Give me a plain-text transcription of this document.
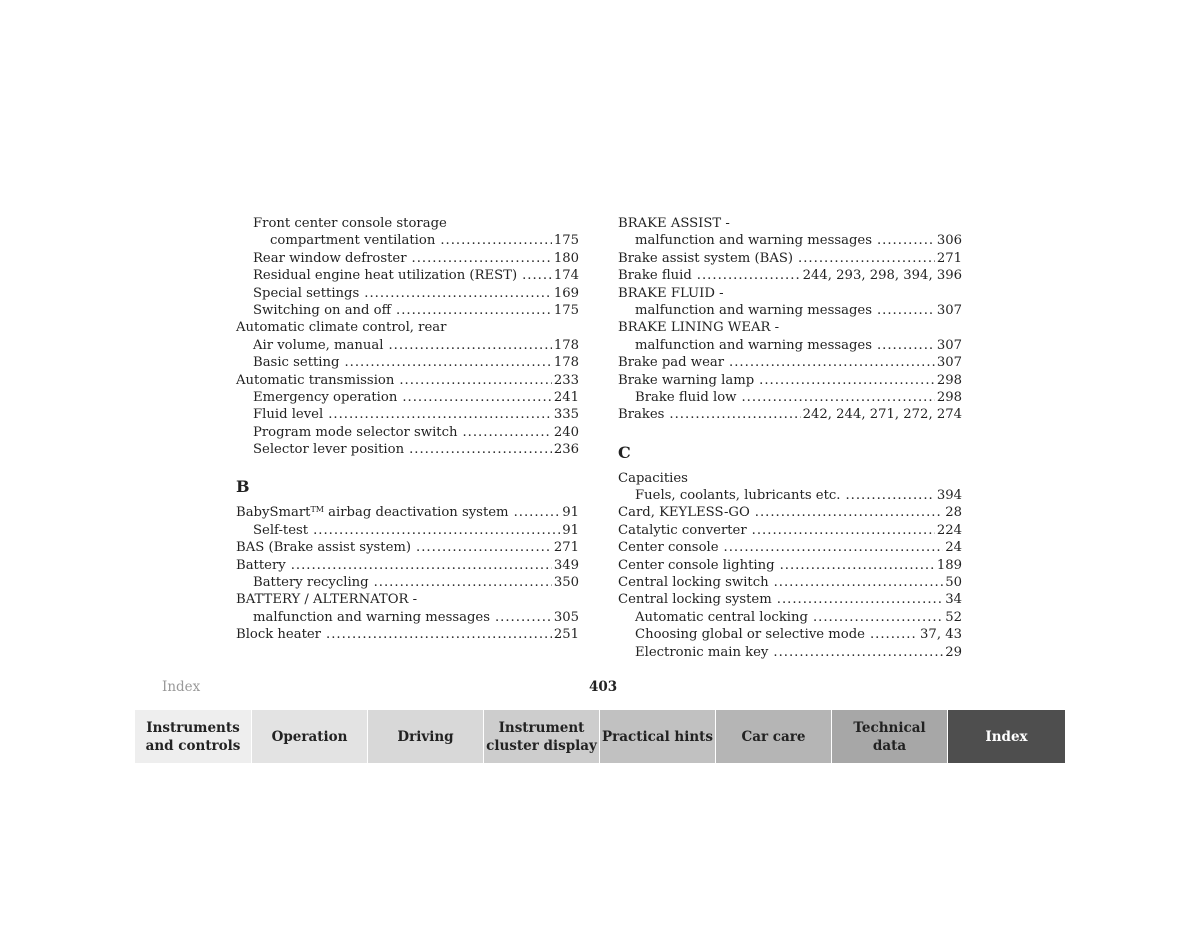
Front center console storage
compartment ventilation .....	175
Rear window defroster .....	180
Residual engine heat utilization (REST) .....	174
Special settings .....	169
Switching on and off .....	175
Automatic climate control, rear
Air volume, manual .....	178
Basic setting .....	178
Automatic transmission .....	233
Emergency operation .....	241
Fluid level .....	335
Program mode selector switch .....	240
Selector lever position .....	236
B
BabySmart™ airbag deactivation system .....	91
Self-test .....	91
BAS (Brake assist system) .....	271
Battery .....	349
Battery recycling .....	350
BATTERY / ALTERNATOR -
malfunction and warning messages .....	305
Block heater .....	251
BRAKE ASSIST -
malfunction and warning messages .....	306
Brake assist system (BAS) .....	271
Brake fluid .....	244, 293, 298, 394, 396
BRAKE FLUID -
malfunction and warning messages .....	307
BRAKE LINING WEAR -
malfunction and warning messages .....	307
Brake pad wear .....	307
Brake warning lamp .....	298
Brake fluid low .....	298
Brakes .....	242, 244, 271, 272, 274
C
Capacities
Fuels, coolants, lubricants etc. .....	394
Card, KEYLESS-GO .....	28
Catalytic converter .....	224
Center console .....	24
Center console lighting .....	189
Central locking switch .....	50
Central locking system .....	34
Automatic central locking .....	52
Choosing global or selective mode .....	37, 43
Electronic main key .....	29
Index	403
Instruments
and controls
Operation	Driving
Instrument
cluster display
Practical hints	Car care
Technical
data
Index
